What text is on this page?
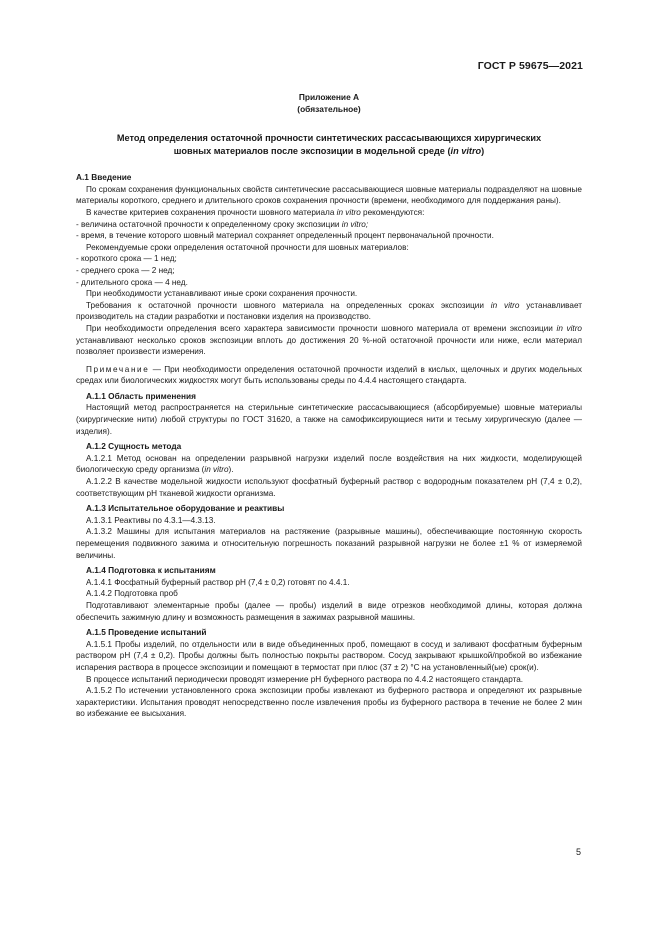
ГОСТ Р 59675—2021
Приложение А
(обязательное)
Метод определения остаточной прочности синтетических рассасывающихся хирургических
шовных материалов после экспозиции в модельной среде (in vitro)
А.1 Введение

По срокам сохранения функциональных свойств синтетические рассасывающиеся шовные материалы подразделяют на шовные материалы короткого, среднего и длительного сроков сохранения прочности (времени, необходимого для поддержания раны).

В качестве критериев сохранения прочности шовного материала in vitro рекомендуются:

- величина остаточной прочности к определенному сроку экспозиции in vitro;

- время, в течение которого шовный материал сохраняет определенный процент первоначальной прочности.

Рекомендуемые сроки определения остаточной прочности для шовных материалов:

- короткого срока — 1 нед;

- среднего срока — 2 нед;

- длительного срока — 4 нед.

При необходимости устанавливают иные сроки сохранения прочности.

Требования к остаточной прочности шовного материала на определенных сроках экспозиции in vitro устанавливает производитель на стадии разработки и постановки изделия на производство.

При необходимости определения всего характера зависимости прочности шовного материала от времени экспозиции in vitro устанавливают несколько сроков экспозиции вплоть до достижения 20 %-ной остаточной прочности или ниже, если материал позволяет произвести измерения.

Примечание — При необходимости определения остаточной прочности изделий в кислых, щелочных и других модельных средах или биологических жидкостях могут быть использованы среды по 4.4.4 настоящего стандарта.

А.1.1 Область применения

Настоящий метод распространяется на стерильные синтетические рассасывающиеся (абсорбируемые) шовные материалы (хирургические нити) любой структуры по ГОСТ 31620, а также на самофиксирующиеся нити и тесьму хирургическую (далее — изделия).

А.1.2 Сущность метода

А.1.2.1 Метод основан на определении разрывной нагрузки изделий после воздействия на них жидкости, моделирующей биологическую среду организма (in vitro).

А.1.2.2 В качестве модельной жидкости используют фосфатный буферный раствор с водородным показателем рН (7,4 ± 0,2), соответствующим рН тканевой жидкости организма.

А.1.3 Испытательное оборудование и реактивы

А.1.3.1 Реактивы по 4.3.1—4.3.13.

А.1.3.2 Машины для испытания материалов на растяжение (разрывные машины), обеспечивающие постоянную скорость перемещения подвижного зажима и относительную погрешность показаний разрывной нагрузки не более ±1 % от измеряемой величины.

А.1.4 Подготовка к испытаниям

А.1.4.1 Фосфатный буферный раствор рН (7,4 ± 0,2) готовят по 4.4.1.

А.1.4.2 Подготовка проб

Подготавливают элементарные пробы (далее — пробы) изделий в виде отрезков необходимой длины, которая должна обеспечить зажимную длину и возможность размещения в зажимах разрывной машины.

А.1.5 Проведение испытаний

А.1.5.1 Пробы изделий, по отдельности или в виде объединенных проб, помещают в сосуд и заливают фосфатным буферным раствором рН (7,4 ± 0,2). Пробы должны быть полностью покрыты раствором. Сосуд закрывают крышкой/пробкой во избежание испарения раствора в процессе экспозиции и помещают в термостат при плюс (37 ± 2) °С на установленный(ые) срок(и).

В процессе испытаний периодически проводят измерение рН буферного раствора по 4.4.2 настоящего стандарта.

А.1.5.2 По истечении установленного срока экспозиции пробы извлекают из буферного раствора и определяют их разрывные характеристики. Испытания проводят непосредственно после извлечения пробы из буферного раствора в течение не более 2 мин во избежание ее высыхания.

5
